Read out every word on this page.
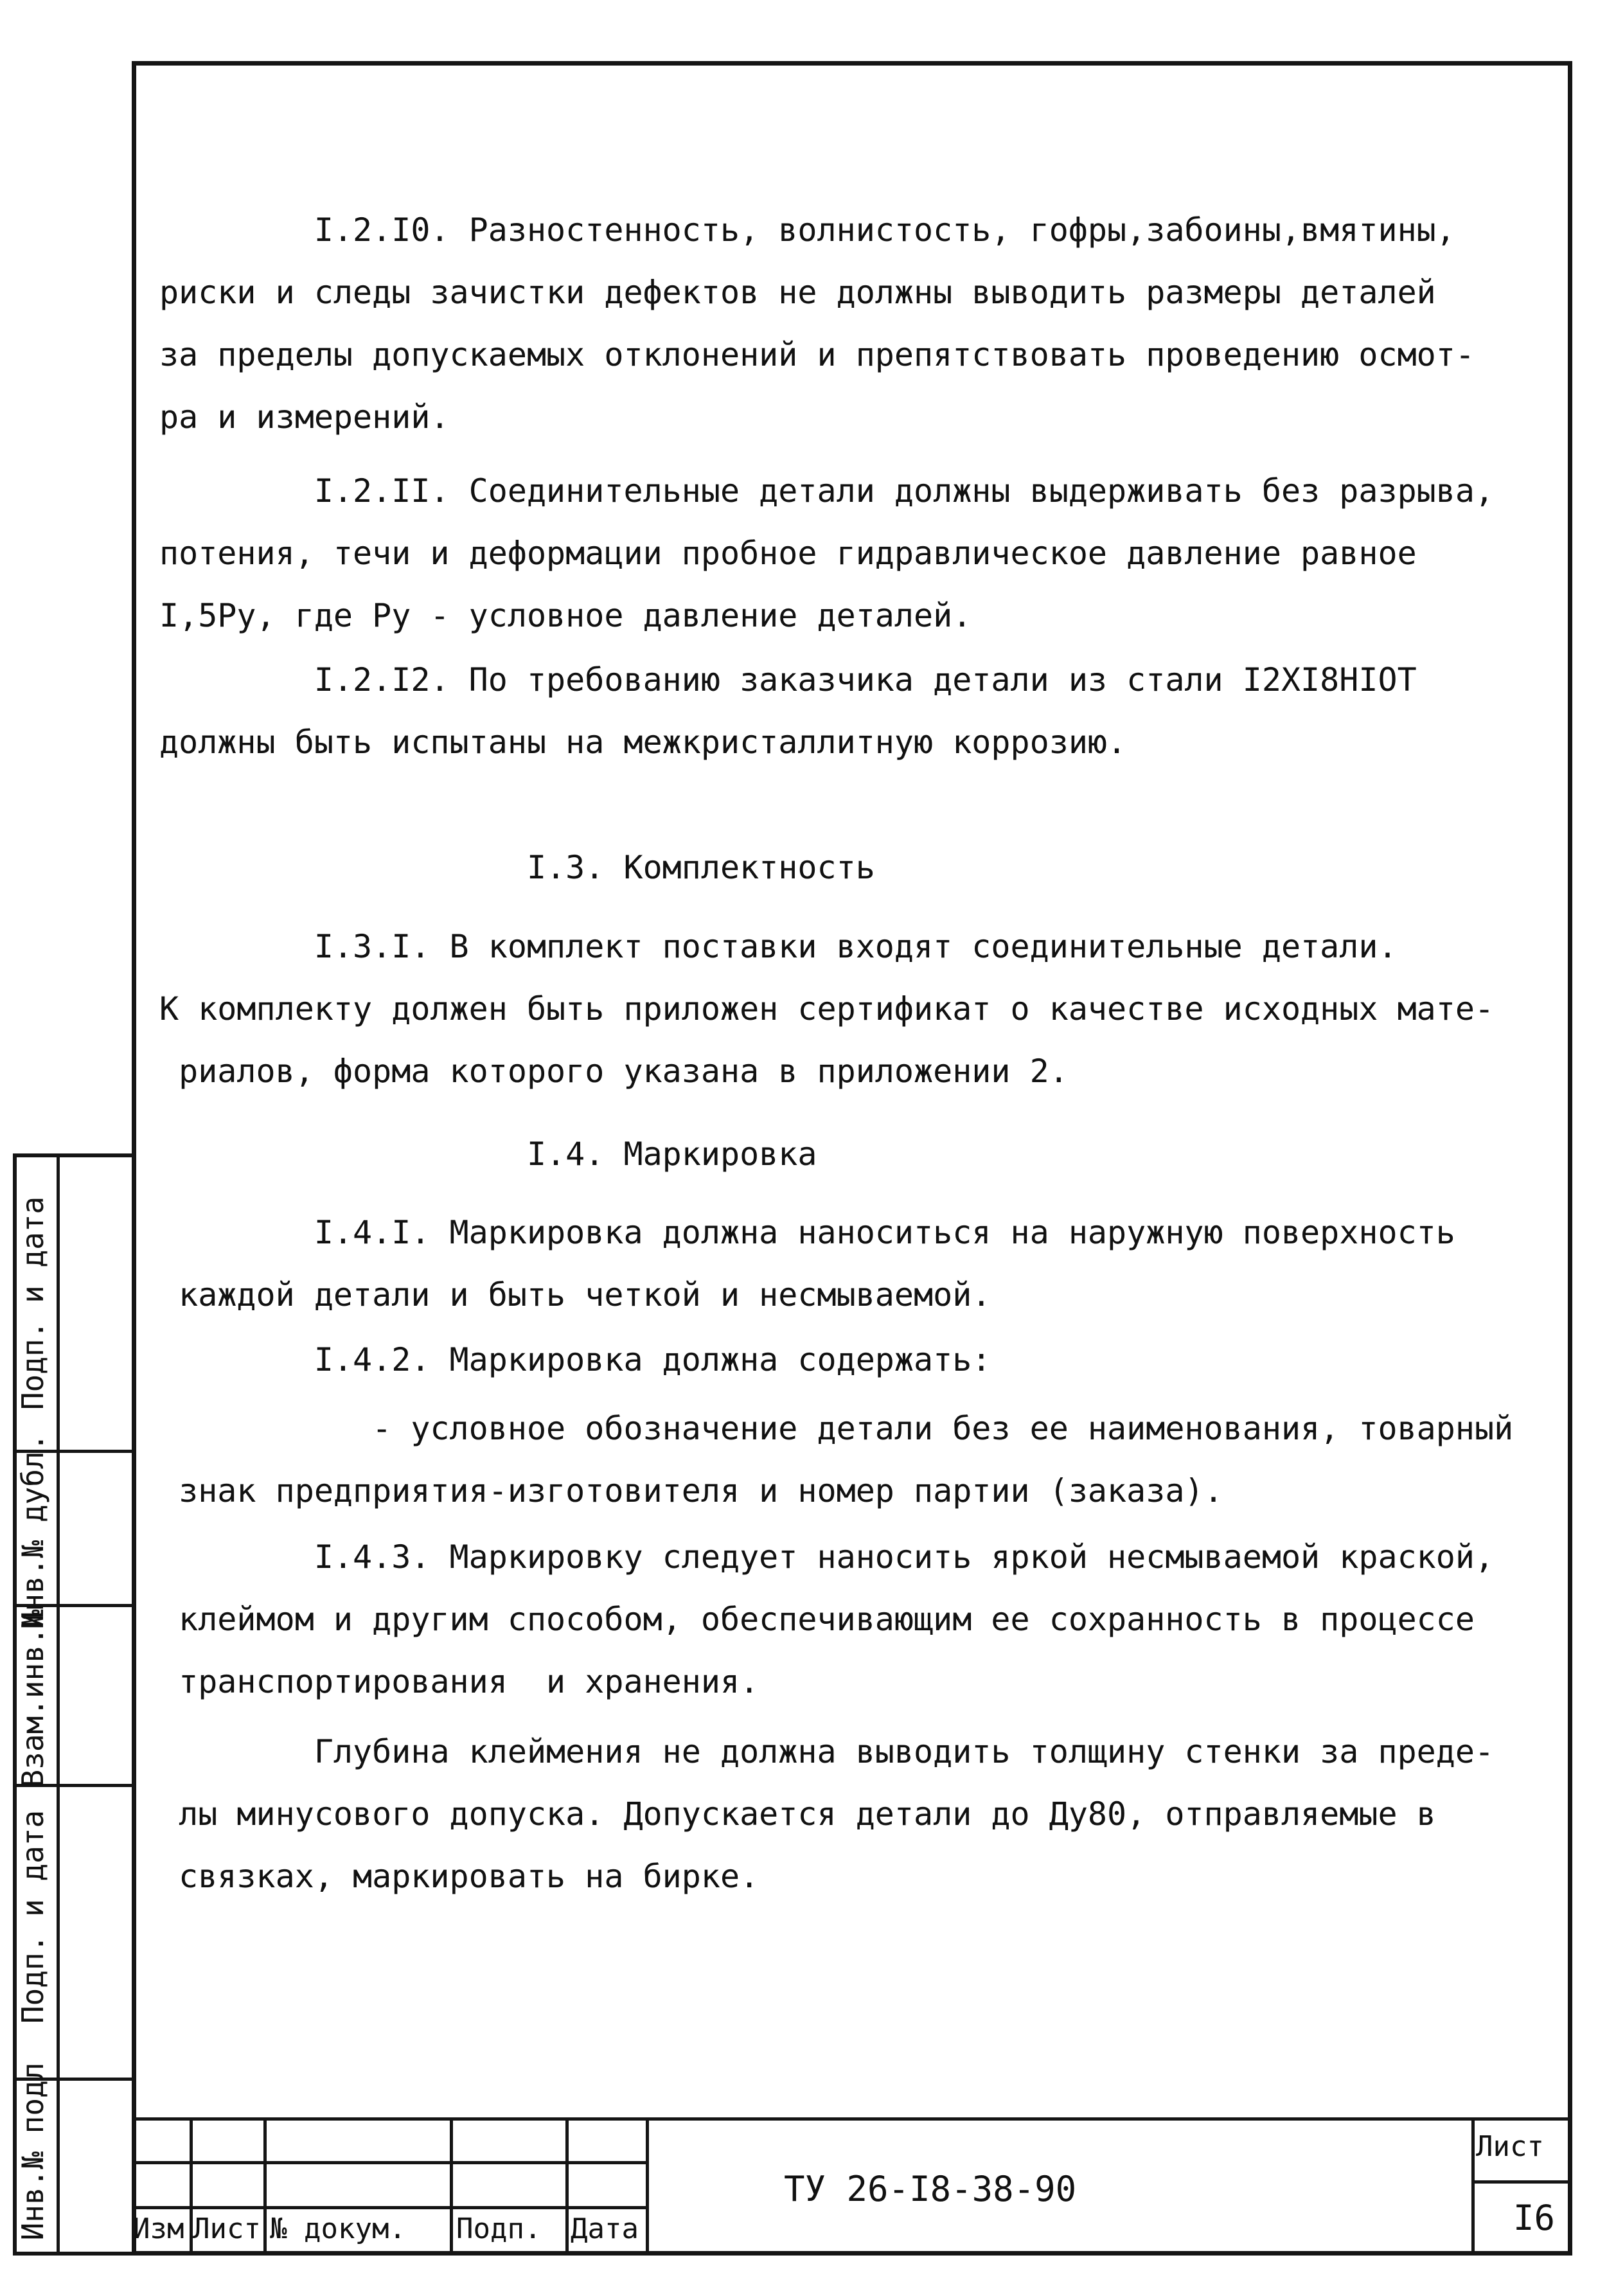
I.2.I0. Разностенность, волнистость, гофры,забоины,вмятины,
риски и следы зачистки дефектов не должны выводить размеры деталей
за пределы допускаемых отклонений и препятствовать проведению осмот-
ра и измерений.
I.2.II. Соединительные детали должны выдерживать без разрыва,
потения, течи и деформации пробное гидравлическое давление равное
I,5Ру, где Ру - условное давление деталей.
I.2.I2. По требованию заказчика детали из стали I2XI8HIOT
должны быть испытаны на межкристаллитную коррозию.
I.3. Комплектность
I.3.I. В комплект поставки входят соединительные детали.
К комплекту должен быть приложен сертификат о качестве исходных мате-
риалов, форма которого указана в приложении 2.
I.4. Маркировка
I.4.I. Маркировка должна наноситься на наружную поверхность
каждой детали и быть четкой и несмываемой.
I.4.2. Маркировка должна содержать:
- условное обозначение детали без ее наименования, товарный
знак предприятия-изготовителя и номер партии (заказа).
I.4.3. Маркировку следует наносить яркой несмываемой краской,
клеймом и другим способом, обеспечивающим ее сохранность в процессе
транспортирования  и хранения.
Глубина клеймения не должна выводить толщину стенки за преде-
лы минусового допуска. Допускается детали до Ду80, отправляемые в
связках, маркировать на бирке.
Инв.№ подл
Подп. и дата
Взам.инв.№
Инв.№ дубл.
Подп. и дата
Изм Лист № докум. Подп. Дата
ТУ 26-I8-38-90
Лист
I6
